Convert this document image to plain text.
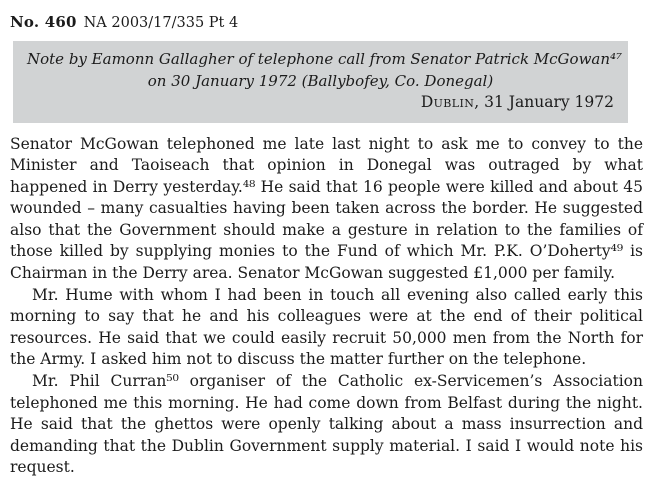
No. 460 NA 2003/17/335 Pt 4
Note by Eamonn Gallagher of telephone call from Senator Patrick McGowan⁴⁷
on 30 January 1972 (Ballybofey, Co. Donegal)
Dublin, 31 January 1972

Senator McGowan telephoned me late last night to ask me to convey to the Minister and Taoiseach that opinion in Donegal was outraged by what happened in Derry yesterday.⁴⁸ He said that 16 people were killed and about 45 wounded – many casualties having been taken across the border. He suggested also that the Government should make a gesture in relation to the families of those killed by supplying monies to the Fund of which Mr. P.K. O’Doherty⁴⁹ is Chairman in the Derry area. Senator McGowan suggested £1,000 per family.

Mr. Hume with whom I had been in touch all evening also called early this morning to say that he and his colleagues were at the end of their political resources. He said that we could easily recruit 50,000 men from the North for the Army. I asked him not to discuss the matter further on the telephone.

Mr. Phil Curran⁵⁰ organiser of the Catholic ex-Servicemen’s Association telephoned me this morning. He had come down from Belfast during the night. He said that the ghettos were openly talking about a mass insurrection and demanding that the Dublin Government supply material. I said I would note his request.
